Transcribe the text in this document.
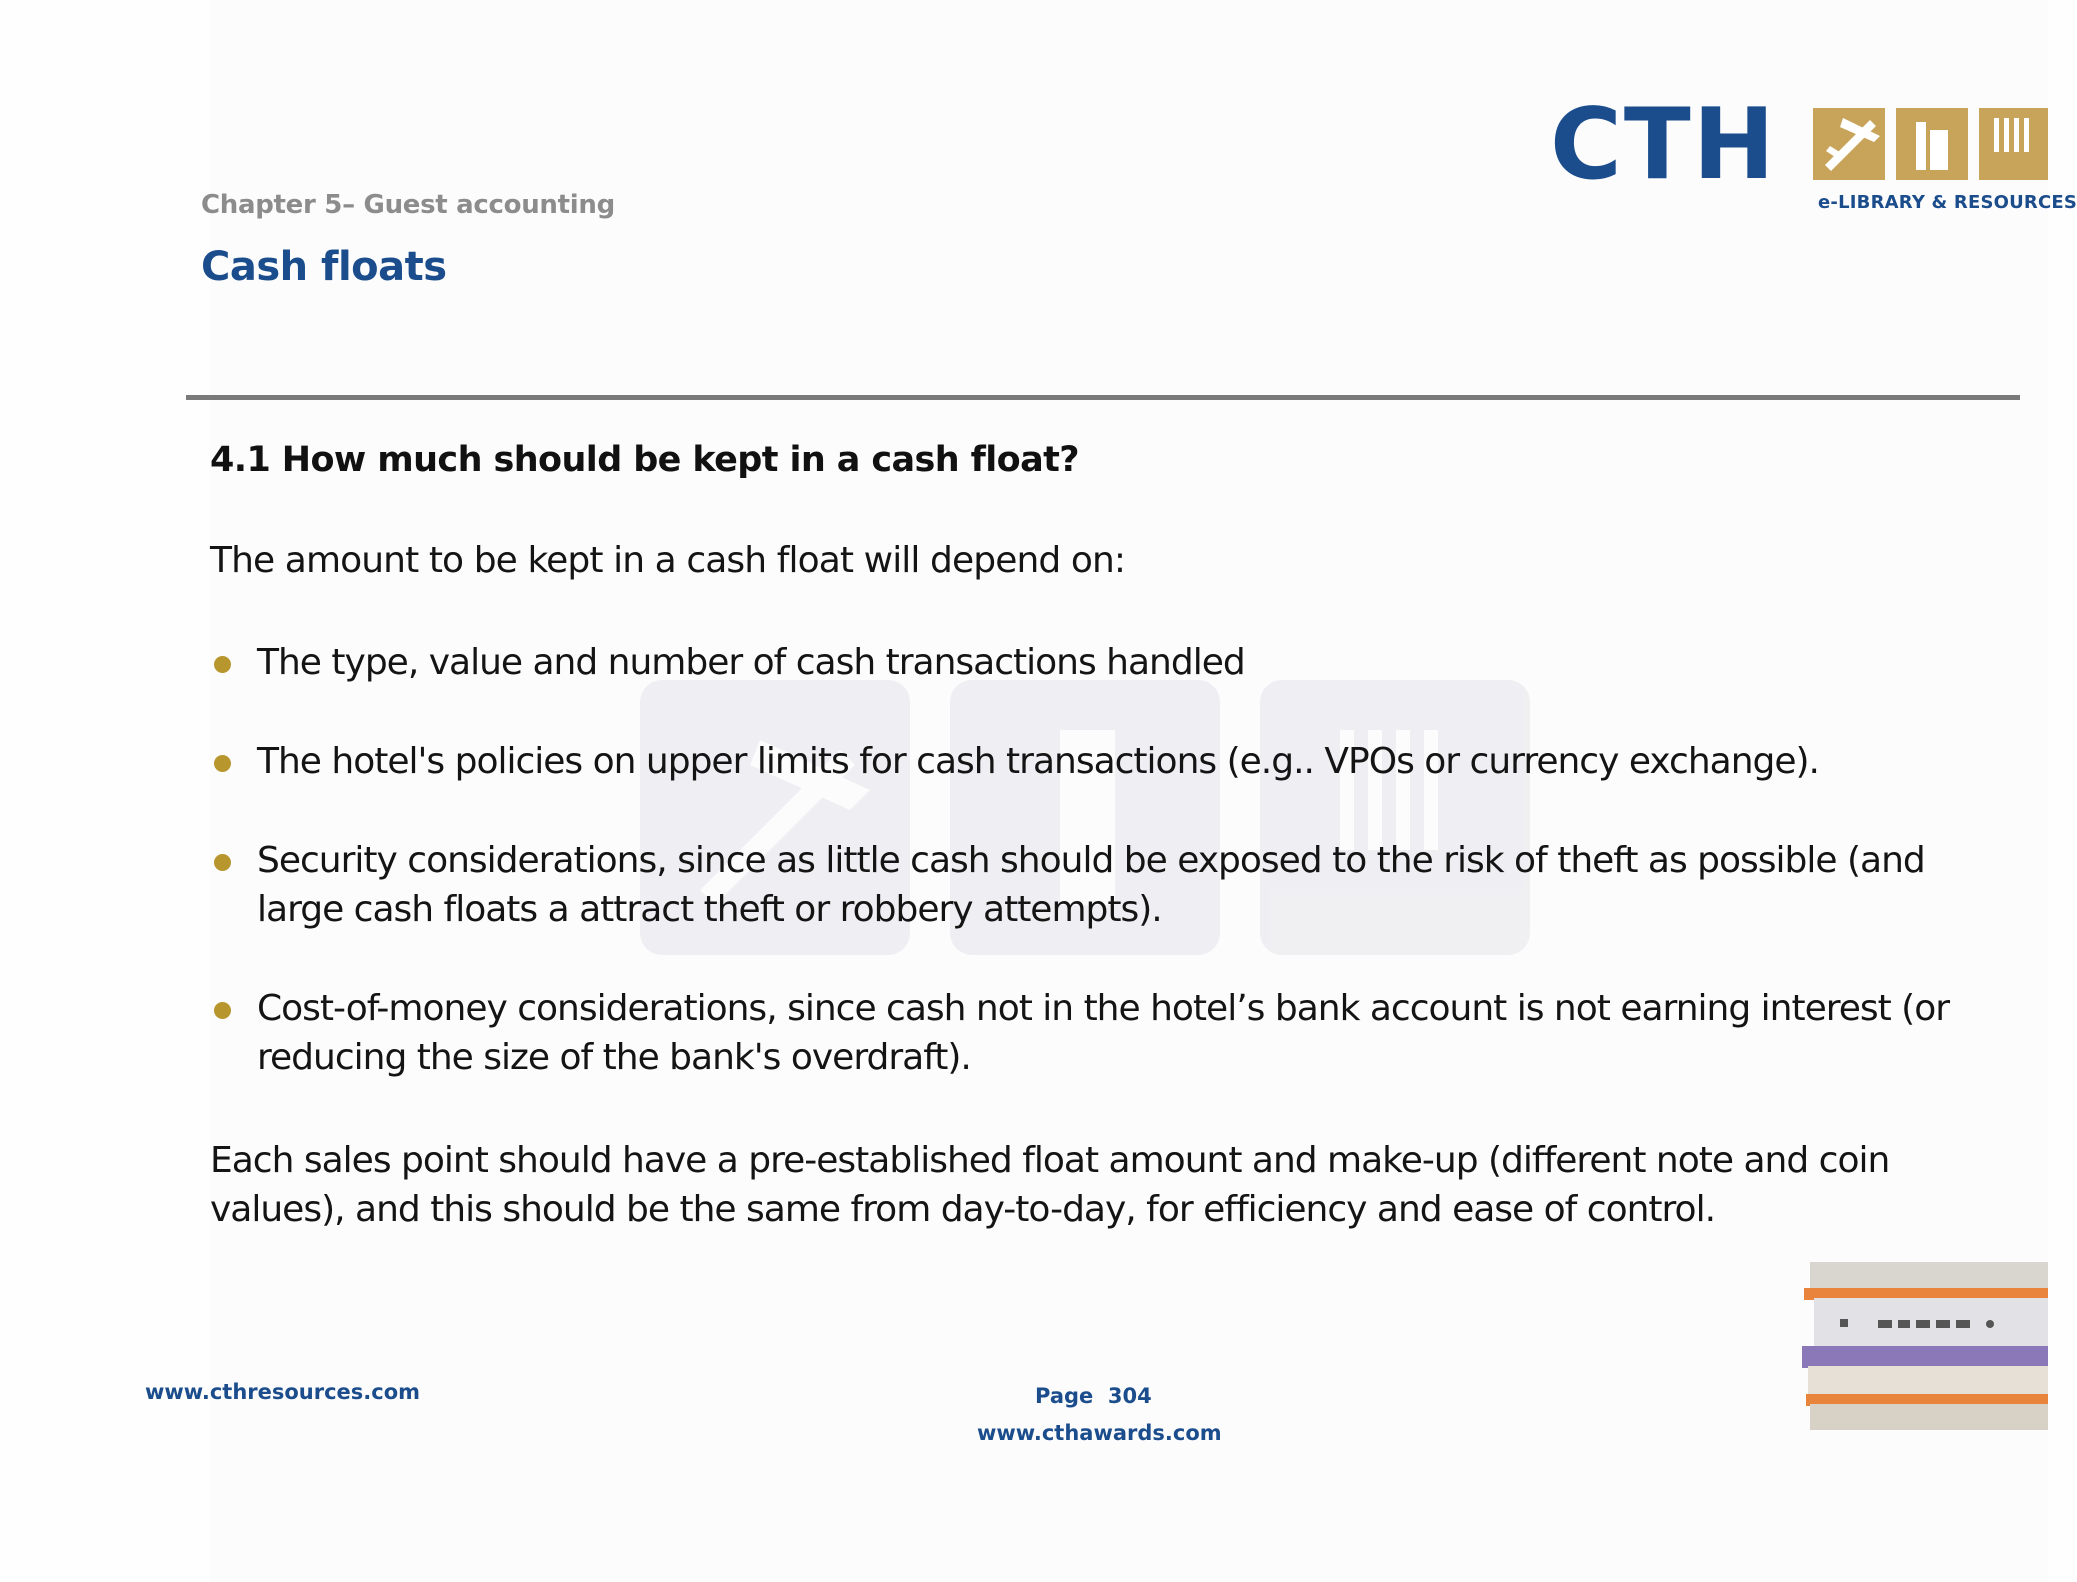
Chapter 5– Guest accounting
Cash floats
CTH
e-LIBRARY & RESOURCES
4.1 How much should be kept in a cash float?
The amount to be kept in a cash float will depend on:
The type, value and number of cash transactions handled
The hotel's policies on upper limits for cash transactions (e.g.. VPOs or currency exchange).
Security considerations, since as little cash should be exposed to the risk of theft as possible (and large cash floats a attract theft or robbery attempts).
Cost-of-money considerations, since cash not in the hotel’s bank account is not earning interest (or reducing the size of the bank's overdraft).
Each sales point should have a pre-established float amount and make-up (different note and coin values), and this should be the same from day-to-day, for efficiency and ease of control.
www.cthresources.com	Page 304
www.cthawards.com
